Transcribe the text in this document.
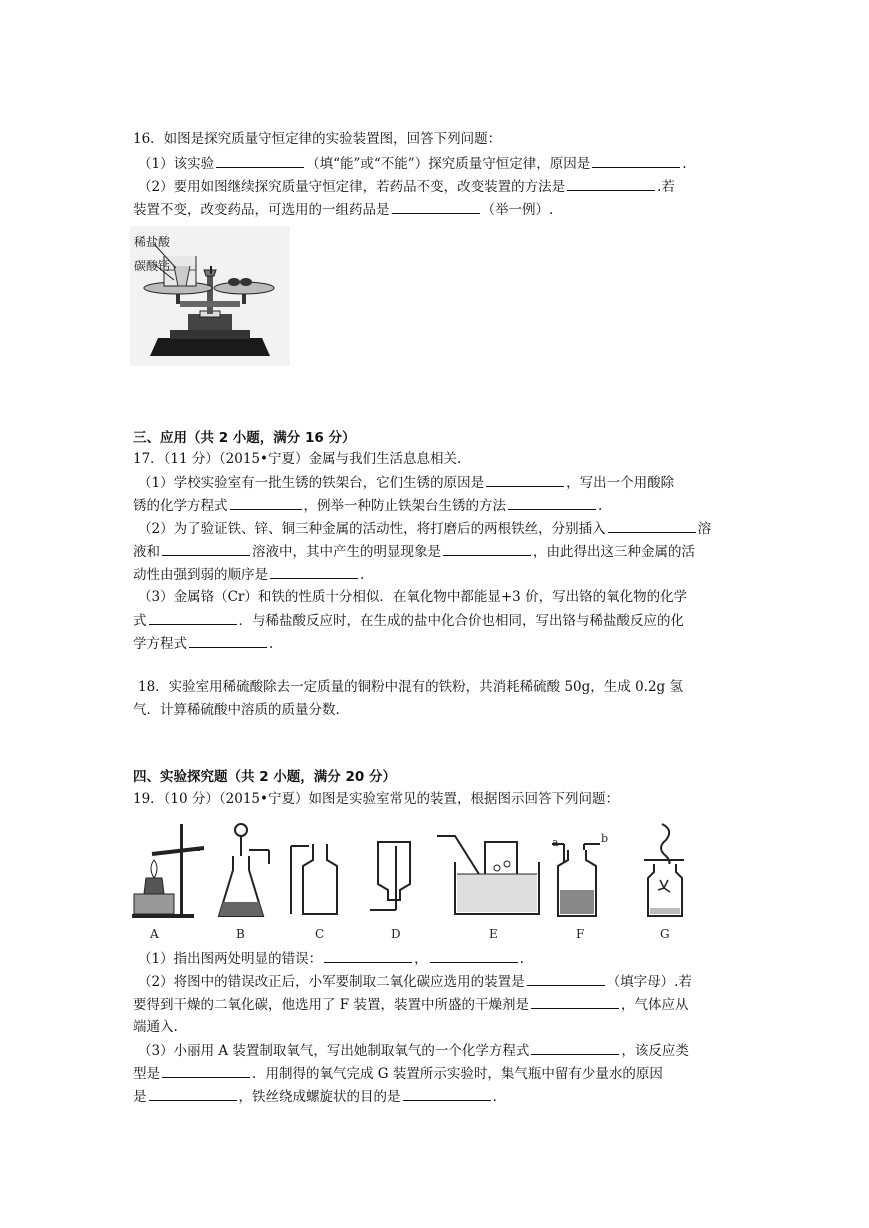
16．如图是探究质量守恒定律的实验装置图，回答下列问题：
（1）该实验	（填“能”或“不能”）探究质量守恒定律，原因是	.
（2）要用如图继续探究质量守恒定律，若药品不变，改变装置的方法是	.若
装置不变，改变药品，可选用的一组药品是	（举一例）.
稀盐酸
碳酸钙
三、应用（共 2 小题，满分 16 分）
17．（11 分）（2015•宁夏）金属与我们生活息息相关.
（1）学校实验室有一批生锈的铁架台，它们生锈的原因是	，写出一个用酸除
锈的化学方程式	，例举一种防止铁架台生锈的方法	.
（2）为了验证铁、锌、铜三种金属的活动性，将打磨后的两根铁丝，分别插入	溶
液和	溶液中，其中产生的明显现象是	，由此得出这三种金属的活
动性由强到弱的顺序是	.
（3）金属铬（Cr）和铁的性质十分相似．在氧化物中都能显+3 价，写出铬的氧化物的化学
式	．与稀盐酸反应时，在生成的盐中化合价也相同，写出铬与稀盐酸反应的化
学方程式	.
18．实验室用稀硫酸除去一定质量的铜粉中混有的铁粉，共消耗稀硫酸 50g，生成 0.2g 氢
气．计算稀硫酸中溶质的质量分数.
四、实验探究题（共 2 小题，满分 20 分）
19．（10 分）（2015•宁夏）如图是实验室常见的装置，根据图示回答下列问题：
a	b
A	B	C	D	E	F	G
（1）指出图两处明显的错误：	，	.
（2）将图中的错误改正后，小军要制取二氧化碳应选用的装置是	（填字母）.若
要得到干燥的二氧化碳，他选用了 F 装置，装置中所盛的干燥剂是	，气体应从
端通入.
（3）小丽用 A 装置制取氧气，写出她制取氧气的一个化学方程式	，该反应类
型是	．用制得的氧气完成 G 装置所示实验时，集气瓶中留有少量水的原因
是	，铁丝绕成螺旋状的目的是	.
